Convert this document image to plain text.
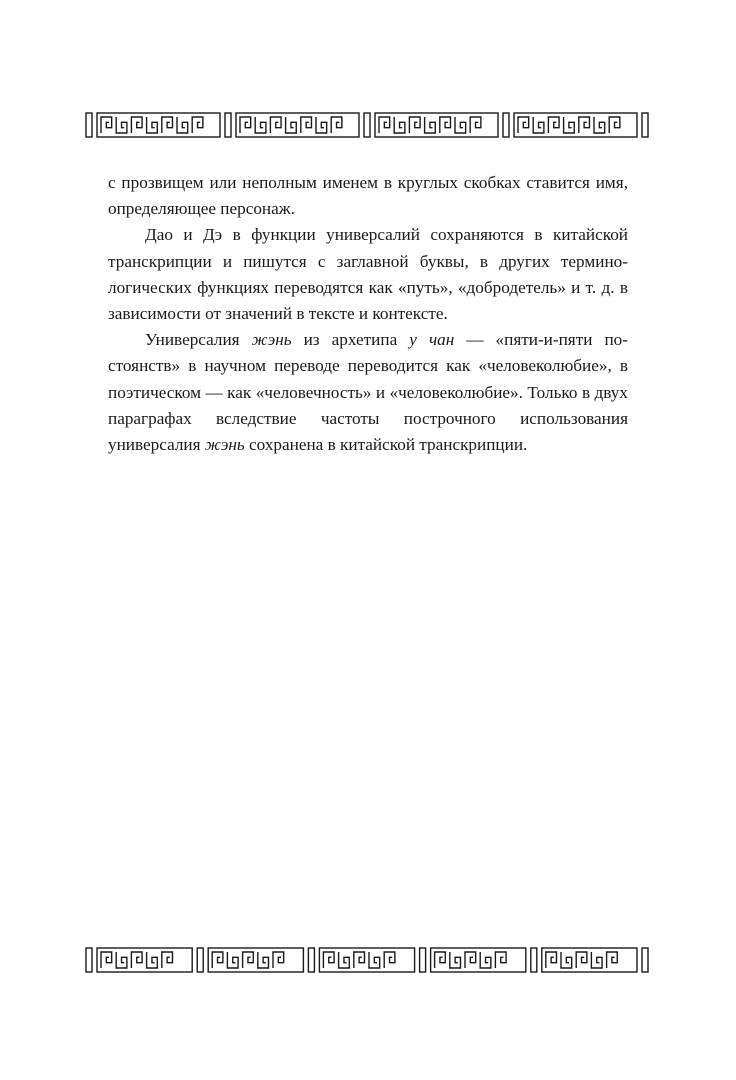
с прозвищем или неполным именем в круглых скобках ставится имя, определяющее персонаж.

Дао и Дэ в функции универсалий сохраняются в китайской транскрипции и пишутся с заглавной буквы, в других терминологических функциях переводятся как «путь», «добродетель» и т. д. в зависимости от значений в тексте и контексте.

Универсалия жэнь из архетипа у чан — «пяти-и-пяти постоянств» в научном переводе переводится как «человеколюбие», в поэтическом — как «человечность» и «человеколюбие». Только в двух параграфах вследствие частоты построчного использования универсалия жэнь сохранена в китайской транскрипции.
